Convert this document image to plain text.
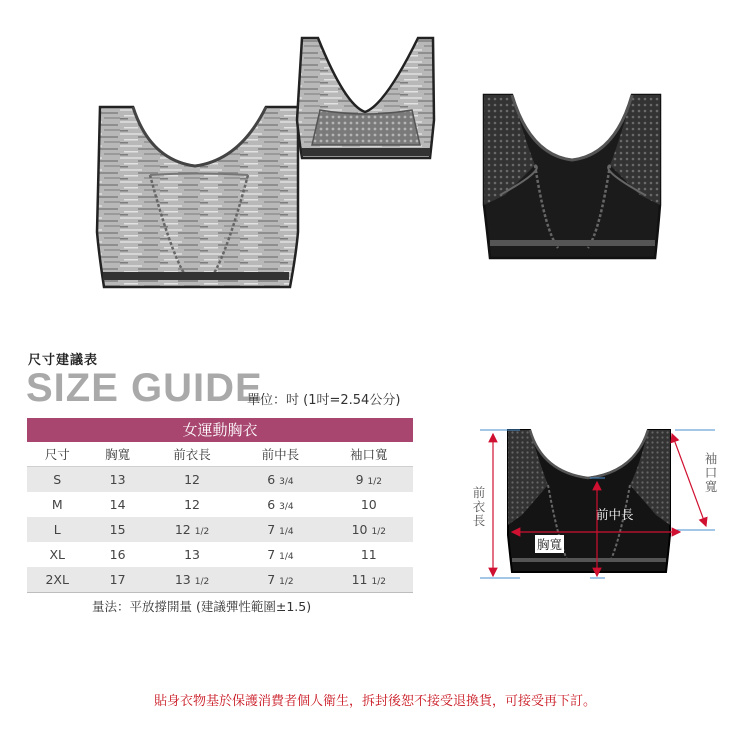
尺寸建議表
SIZE GUIDE
單位：吋 (1吋=2.54公分)
女運動胸衣
尺寸	胸寬	前衣長	前中長	袖口寬
S	13	12	6 3/4	9 1/2
M	14	12	6 3/4	10
L	15	12 1/2	7 1/4	10 1/2
XL	16	13	7 1/4	11
2XL	17	13 1/2	7 1/2	11 1/2
量法：平放撐開量 (建議彈性範圍±1.5)
前衣長	前中長
胸寬
袖口寬
貼身衣物基於保護消費者個人衛生，拆封後恕不接受退換貨，可接受再下訂。
